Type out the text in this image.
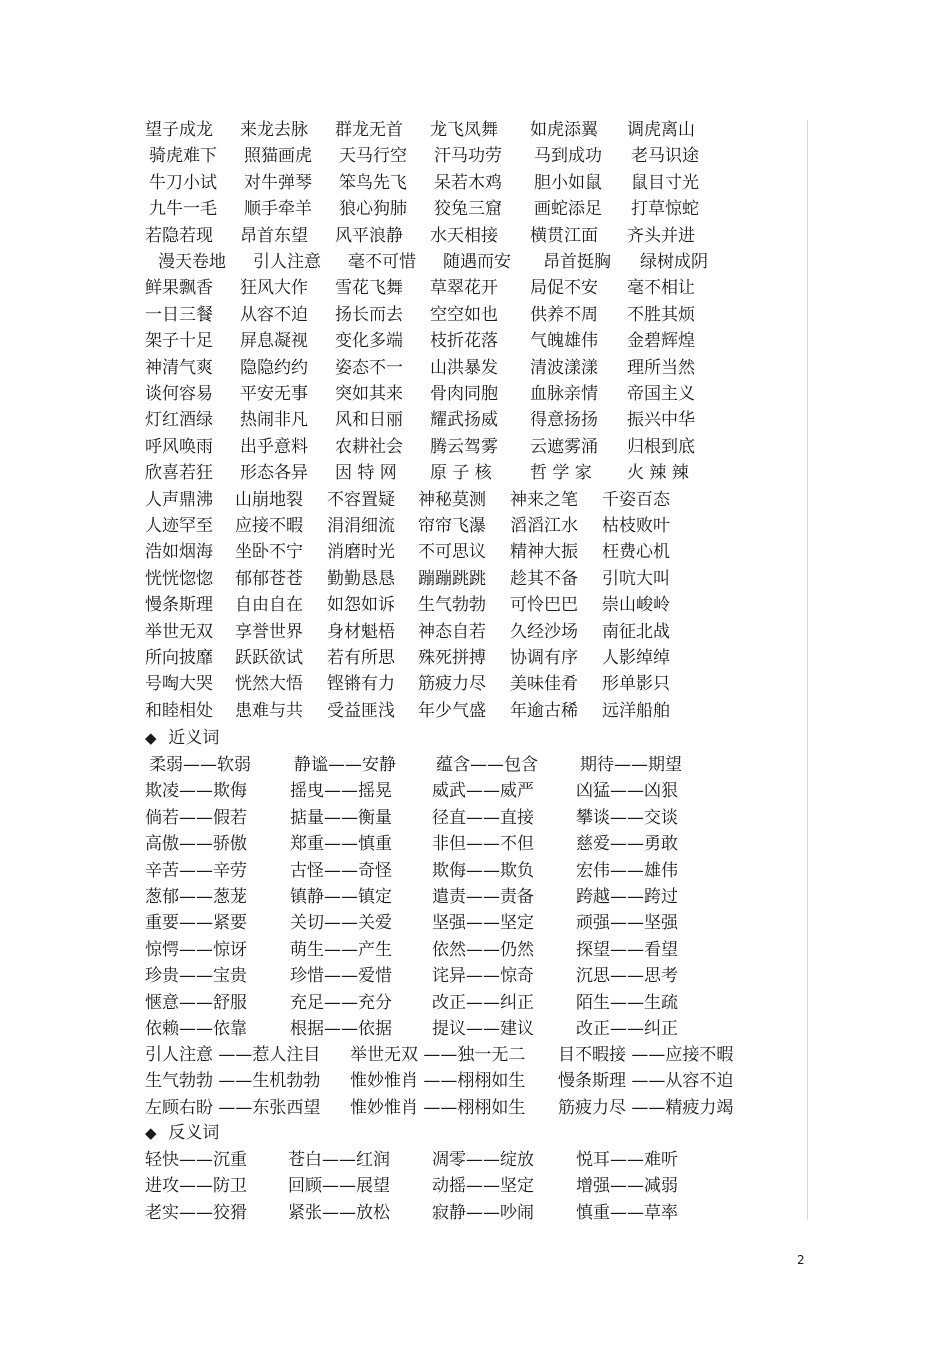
望子成龙 来龙去脉 群龙无首 龙飞凤舞 如虎添翼 调虎离山
骑虎难下 照猫画虎 天马行空 汗马功劳 马到成功 老马识途
牛刀小试 对牛弹琴 笨鸟先飞 呆若木鸡 胆小如鼠 鼠目寸光
九牛一毛 顺手牵羊 狼心狗肺 狡兔三窟 画蛇添足 打草惊蛇
若隐若现 昂首东望 风平浪静 水天相接 横贯江面 齐头并进
漫天卷地 引人注意 毫不可惜 随遇而安 昂首挺胸 绿树成阴
鲜果飘香 狂风大作 雪花飞舞 草翠花开 局促不安 毫不相让
一日三餐 从容不迫 扬长而去 空空如也 供养不周 不胜其烦
架子十足 屏息凝视 变化多端 枝折花落 气魄雄伟 金碧辉煌
神清气爽 隐隐约约 姿态不一 山洪暴发 清波漾漾 理所当然
谈何容易 平安无事 突如其来 骨肉同胞 血脉亲情 帝国主义
灯红酒绿 热闹非凡 风和日丽 耀武扬威 得意扬扬 振兴中华
呼风唤雨 出乎意料 农耕社会 腾云驾雾 云遮雾涌 归根到底
欣喜若狂 形态各异 因 特 网 原 子 核 哲 学 家 火 辣 辣
人声鼎沸 山崩地裂 不容置疑 神秘莫测 神来之笔 千姿百态
人迹罕至 应接不暇 涓涓细流 帘帘飞瀑 滔滔江水 枯枝败叶
浩如烟海 坐卧不宁 消磨时光 不可思议 精神大振 枉费心机
恍恍惚惚 郁郁苍苍 勤勤恳恳 蹦蹦跳跳 趁其不备 引吭大叫
慢条斯理 自由自在 如怨如诉 生气勃勃 可怜巴巴 崇山峻岭
举世无双 享誉世界 身材魁梧 神态自若 久经沙场 南征北战
所向披靡 跃跃欲试 若有所思 殊死拼搏 协调有序 人影绰绰
号啕大哭 恍然大悟 铿锵有力 筋疲力尽 美味佳肴 形单影只
和睦相处 患难与共 受益匪浅 年少气盛 年逾古稀 远洋船舶
◆ 近义词
柔弱——软弱	静谧——安静 蕴含——包含 期待——期望
欺凌——欺侮	摇曳——摇晃 威武——威严 凶猛——凶狠
倘若——假若	掂量——衡量 径直——直接 攀谈——交谈
高傲——骄傲	郑重——慎重 非但——不但 慈爱——勇敢
辛苦——辛劳	古怪——奇怪 欺侮——欺负 宏伟——雄伟
葱郁——葱茏	镇静——镇定 遣责——责备 跨越——跨过
重要——紧要	关切——关爱 坚强——坚定 顽强——坚强
惊愕——惊讶	萌生——产生 依然——仍然 探望——看望
珍贵——宝贵	珍惜——爱惜 诧异——惊奇 沉思——思考
惬意——舒服	充足——充分 改正——纠正 陌生——生疏
依赖——依靠	根据——依据 提议——建议 改正——纠正
引人注意 ——惹人注目 举世无双 ——独一无二 目不暇接 ——应接不暇
生气勃勃 ——生机勃勃 惟妙惟肖 ——栩栩如生 慢条斯理 ——从容不迫
左顾右盼 ——东张西望 惟妙惟肖 ——栩栩如生 筋疲力尽 ——精疲力竭
◆ 反义词
轻快——沉重 苍白——红润 凋零——绽放 悦耳——难听
进攻——防卫 回顾——展望 动摇——坚定 增强——减弱
老实——狡猾 紧张——放松 寂静——吵闹 慎重——草率
2
